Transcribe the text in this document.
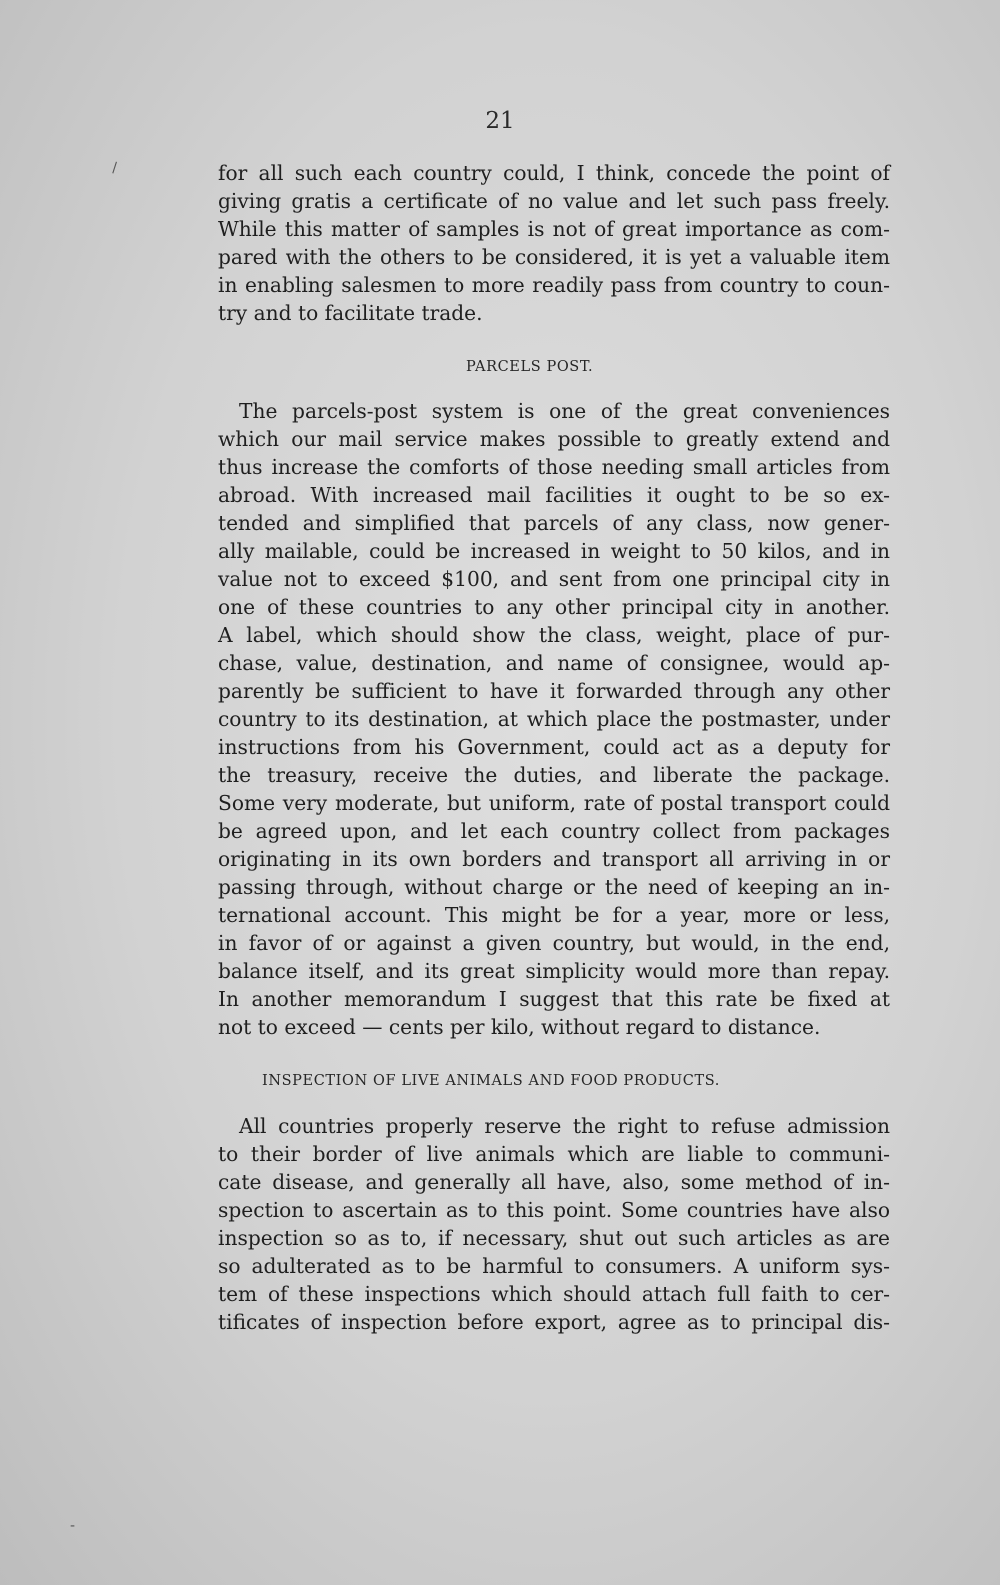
\
-
21
for all such each country could, I think, concede the point of
giving gratis a certificate of no value and let such pass freely.
While this matter of samples is not of great importance as com-
pared with the others to be considered, it is yet a valuable item
in enabling salesmen to more readily pass from country to coun-
try and to facilitate trade.
PARCELS POST.
The parcels-post system is one of the great conveniences
which our mail service makes possible to greatly extend and
thus increase the comforts of those needing small articles from
abroad. With increased mail facilities it ought to be so ex-
tended and simplified that parcels of any class, now gener-
ally mailable, could be increased in weight to 50 kilos, and in
value not to exceed $100, and sent from one principal city in
one of these countries to any other principal city in another.
A label, which should show the class, weight, place of pur-
chase, value, destination, and name of consignee, would ap-
parently be sufficient to have it forwarded through any other
country to its destination, at which place the postmaster, under
instructions from his Government, could act as a deputy for
the treasury, receive the duties, and liberate the package.
Some very moderate, but uniform, rate of postal transport could
be agreed upon, and let each country collect from packages
originating in its own borders and transport all arriving in or
passing through, without charge or the need of keeping an in-
ternational account. This might be for a year, more or less,
in favor of or against a given country, but would, in the end,
balance itself, and its great simplicity would more than repay.
In another memorandum I suggest that this rate be fixed at
not to exceed — cents per kilo, without regard to distance.
INSPECTION OF LIVE ANIMALS AND FOOD PRODUCTS.
All countries properly reserve the right to refuse admission
to their border of live animals which are liable to communi-
cate disease, and generally all have, also, some method of in-
spection to ascertain as to this point. Some countries have also
inspection so as to, if necessary, shut out such articles as are
so adulterated as to be harmful to consumers. A uniform sys-
tem of these inspections which should attach full faith to cer-
tificates of inspection before export, agree as to principal dis-
